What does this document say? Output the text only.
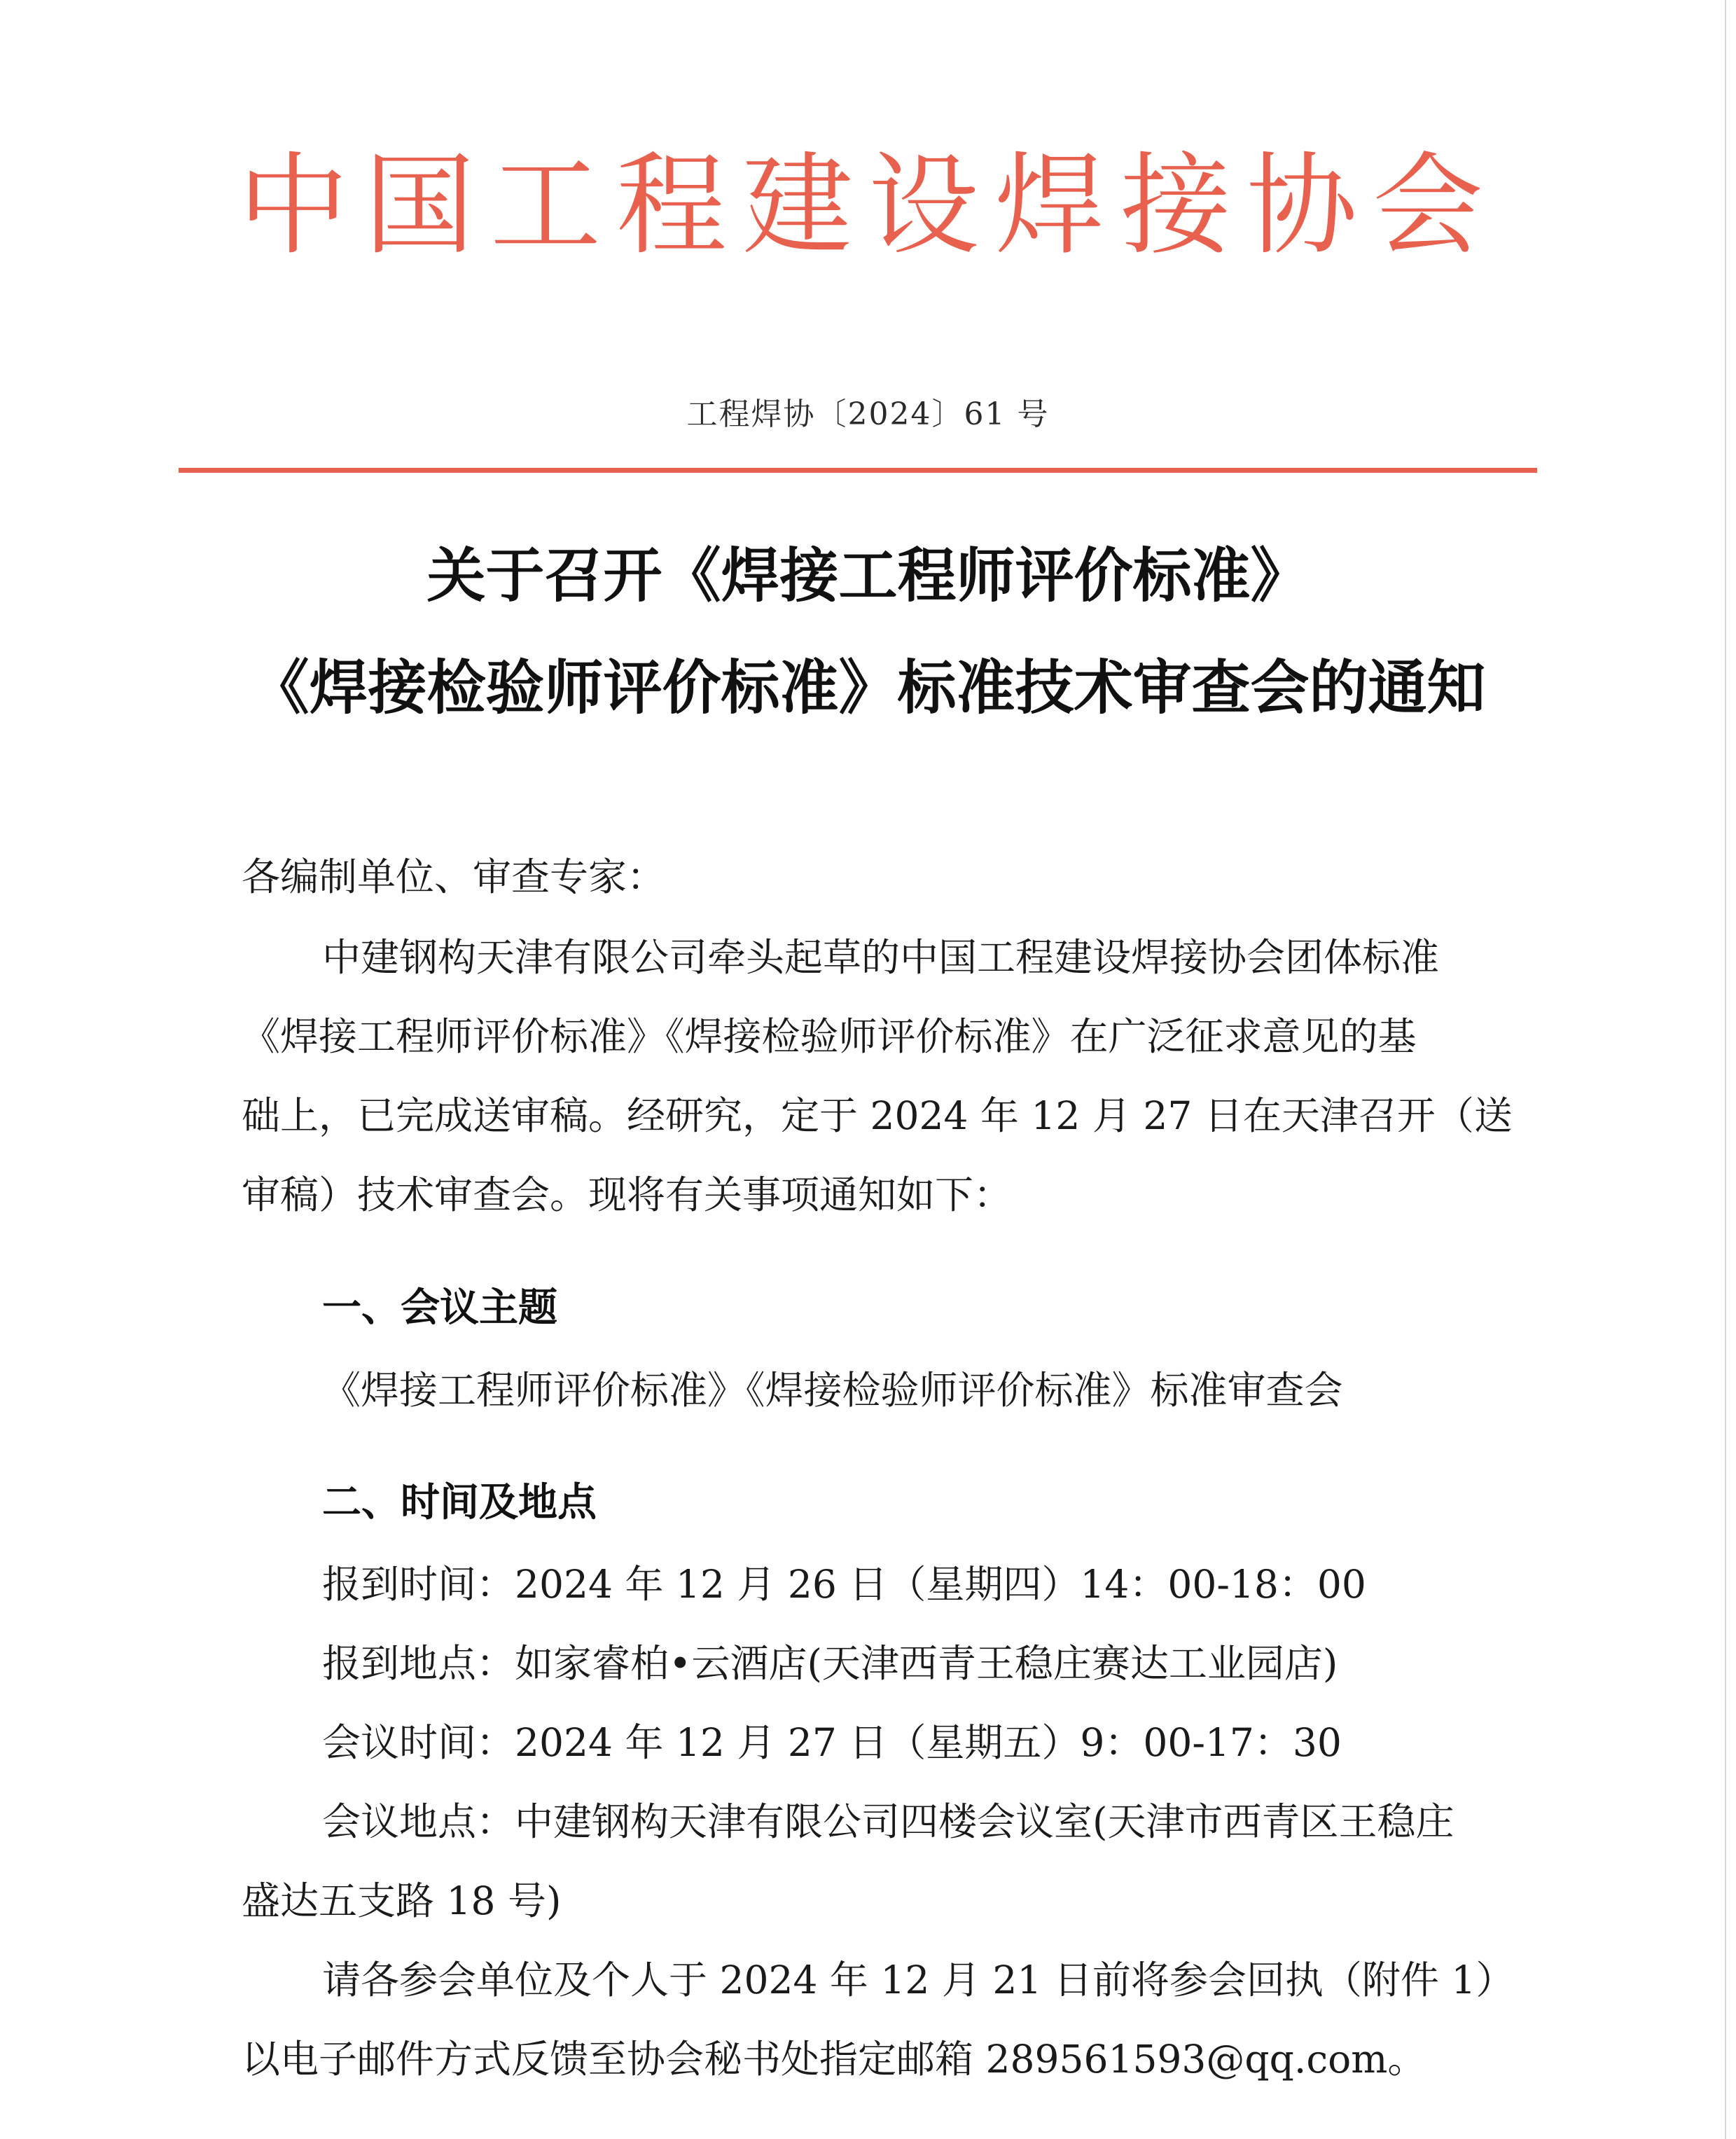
中国工程建设焊接协会
工程焊协〔2024〕61 号
关于召开《焊接工程师评价标准》
《焊接检验师评价标准》标准技术审查会的通知
各编制单位、审查专家：
中建钢构天津有限公司牵头起草的中国工程建设焊接协会团体标准
《焊接工程师评价标准》《焊接检验师评价标准》在广泛征求意见的基
础上，已完成送审稿。经研究，定于 2024 年 12 月 27 日在天津召开（送
审稿）技术审查会。现将有关事项通知如下：
一、会议主题
《焊接工程师评价标准》《焊接检验师评价标准》标准审查会
二、时间及地点
报到时间：2024 年 12 月 26 日（星期四）14：00-18：00
报到地点：如家睿柏•云酒店(天津西青王稳庄赛达工业园店)
会议时间：2024 年 12 月 27 日（星期五）9：00-17：30
会议地点：中建钢构天津有限公司四楼会议室(天津市西青区王稳庄
盛达五支路 18 号)
请各参会单位及个人于 2024 年 12 月 21 日前将参会回执（附件 1）
以电子邮件方式反馈至协会秘书处指定邮箱 289561593@qq.com。
